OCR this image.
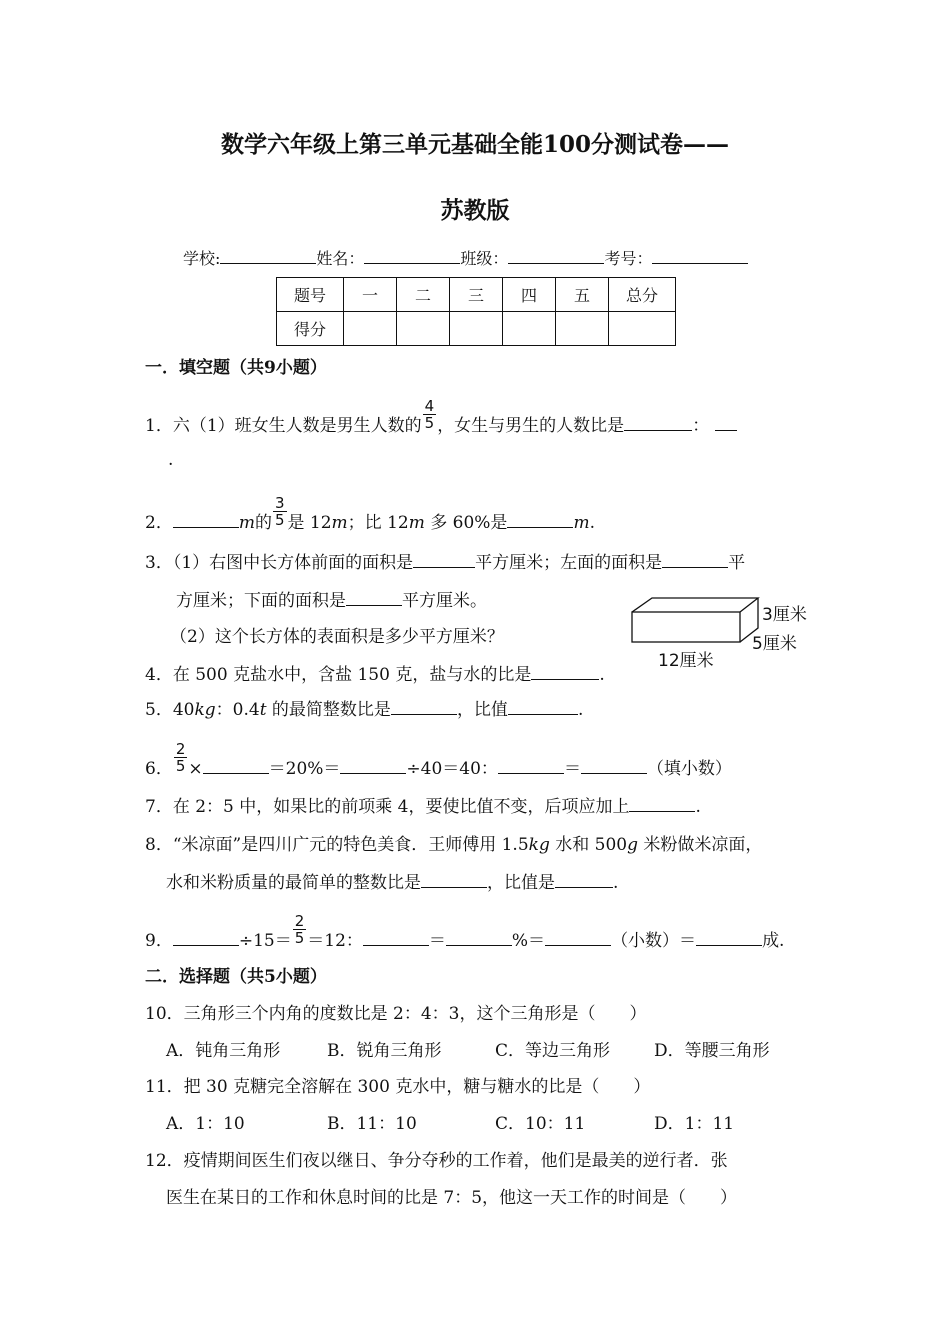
数学六年级上第三单元基础全能100分测试卷——
苏教版
学校:	姓名：	班级：	考号：
题号	一	二	三	四	五	总分
得分						
一．填空题（共9小题）
1．六（1）班女生人数是男生人数的 $\frac{4}{5}$ ，女生与男生的人数比是	：
.
2．	m的 $\frac{3}{5}$ 是 12m；比 12m 多 60%是	m.
3．（1）右图中长方体前面的面积是	平方厘米；左面的面积是	平
方厘米；下面的面积是	平方厘米。
（2）这个长方体的表面积是多少平方厘米？
3厘米
5厘米
12厘米
4．在 500 克盐水中，含盐 150 克，盐与水的比是	.
5．40kg：0.4t 的最简整数比是	，比值	.
6． $\frac{2}{5}$ ×	＝20%＝	÷40＝40：	＝	（填小数）
7．在 2：5 中，如果比的前项乘 4，要使比值不变，后项应加上	.
8．“米凉面”是四川广元的特色美食．王师傅用 1.5kg 水和 500g 米粉做米凉面，
水和米粉质量的最简单的整数比是	，比值是	.
9．	$\div 15= \frac{2}{5} =12$：	＝	%＝	（小数）＝	成.
二．选择题（共5小题）
10．三角形三个内角的度数比是 2：4：3，这个三角形是（　　）
A．钝角三角形	B．锐角三角形	C．等边三角形	D．等腰三角形
11．把 30 克糖完全溶解在 300 克水中，糖与糖水的比是（　　）
A．1：10	B．11：10	C．10：11	D．1：11
12．疫情期间医生们夜以继日、争分夺秒的工作着，他们是最美的逆行者．张
医生在某日的工作和休息时间的比是 7：5，他这一天工作的时间是（　　）
